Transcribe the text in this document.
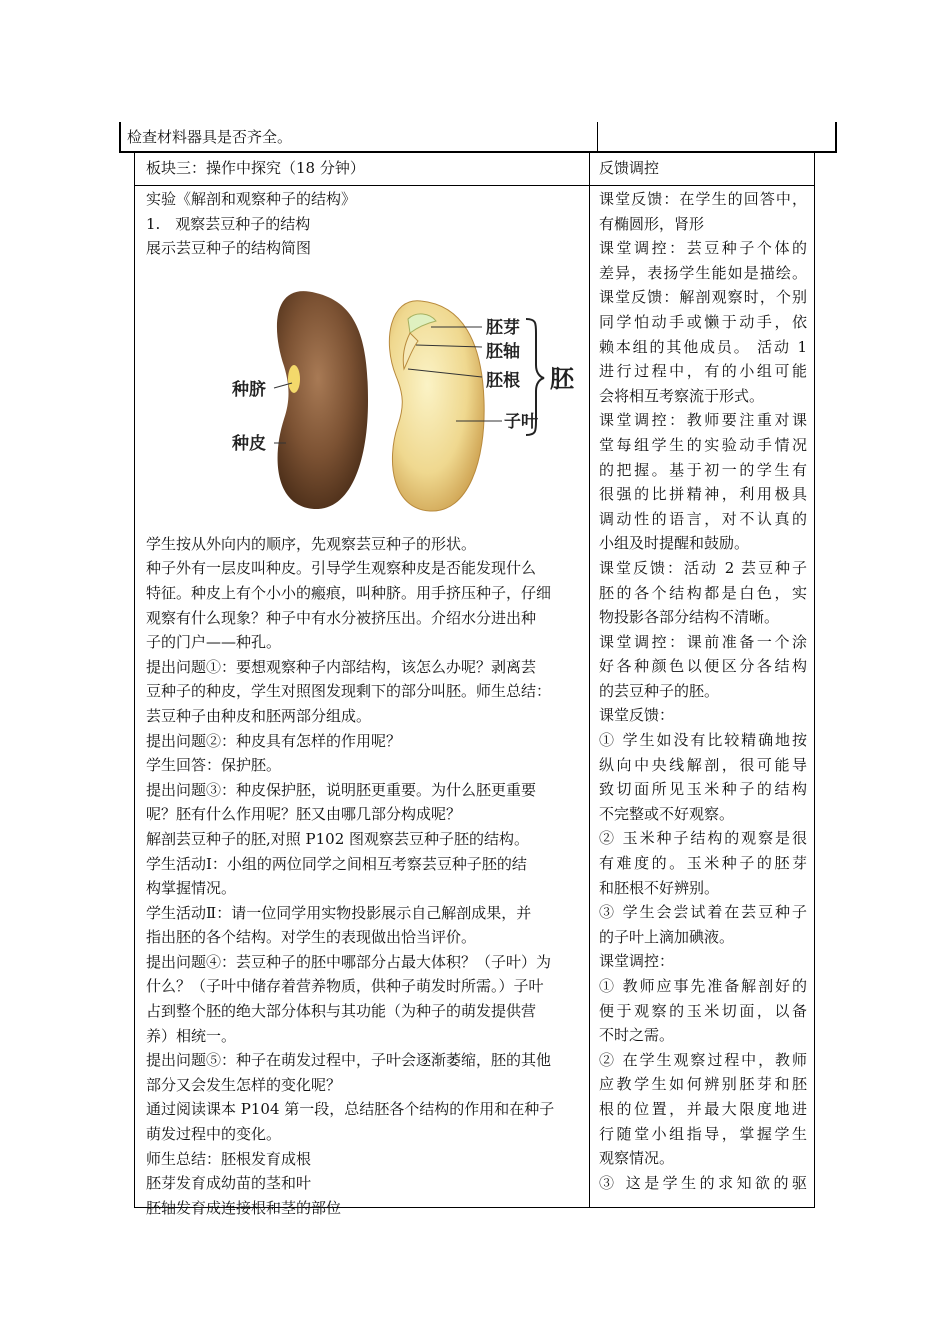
检查材料器具是否齐全。
板块三：操作中探究（18 分钟）	反馈调控
实验《解剖和观察种子的结构》
1.　观察芸豆种子的结构
展示芸豆种子的结构简图
胚芽
胚轴
胚根
子叶
胚
种脐
种皮
学生按从外向内的顺序，先观察芸豆种子的形状。
种子外有一层皮叫种皮。引导学生观察种皮是否能发现什么
特征。种皮上有个小小的瘢痕，叫种脐。用手挤压种子，仔细
观察有什么现象？种子中有水分被挤压出。介绍水分进出种
子的门户——种孔。
提出问题①：要想观察种子内部结构，该怎么办呢？剥离芸
豆种子的种皮，学生对照图发现剩下的部分叫胚。师生总结：
芸豆种子由种皮和胚两部分组成。
提出问题②：种皮具有怎样的作用呢？
学生回答：保护胚。
提出问题③：种皮保护胚，说明胚更重要。为什么胚更重要
呢？胚有什么作用呢？胚又由哪几部分构成呢？
解剖芸豆种子的胚,对照 P102 图观察芸豆种子胚的结构。
学生活动Ⅰ：小组的两位同学之间相互考察芸豆种子胚的结
构掌握情况。
学生活动Ⅱ：请一位同学用实物投影展示自己解剖成果，并
指出胚的各个结构。对学生的表现做出恰当评价。
提出问题④：芸豆种子的胚中哪部分占最大体积？（子叶）为
什么？（子叶中储存着营养物质，供种子萌发时所需。）子叶
占到整个胚的绝大部分体积与其功能（为种子的萌发提供营
养）相统一。
提出问题⑤：种子在萌发过程中，子叶会逐渐萎缩，胚的其他
部分又会发生怎样的变化呢？
通过阅读课本 P104 第一段，总结胚各个结构的作用和在种子
萌发过程中的变化。
师生总结：胚根发育成根
胚芽发育成幼苗的茎和叶
胚轴发育成连接根和茎的部位
课堂反馈：在学生的回答中，
有椭圆形，肾形
课堂调控：芸豆种子个体的
差异，表扬学生能如是描绘。
课堂反馈：解剖观察时，个别
同学怕动手或懒于动手，依
赖本组的其他成员。 活动 1
进行过程中，有的小组可能
会将相互考察流于形式。
课堂调控：教师要注重对课
堂每组学生的实验动手情况
的把握。基于初一的学生有
很强的比拼精神，利用极具
调动性的语言，对不认真的
小组及时提醒和鼓励。
课堂反馈：活动 2 芸豆种子
胚的各个结构都是白色，实
物投影各部分结构不清晰。
课堂调控：课前准备一个涂
好各种颜色以便区分各结构
的芸豆种子的胚。
课堂反馈：
① 学生如没有比较精确地按
纵向中央线解剖，很可能导
致切面所见玉米种子的结构
不完整或不好观察。
② 玉米种子结构的观察是很
有难度的。玉米种子的胚芽
和胚根不好辨别。
③ 学生会尝试着在芸豆种子
的子叶上滴加碘液。
课堂调控：
① 教师应事先准备解剖好的
便于观察的玉米切面，以备
不时之需。
② 在学生观察过程中，教师
应教学生如何辨别胚芽和胚
根的位置，并最大限度地进
行随堂小组指导，掌握学生
观察情况。
③ 这是学生的求知欲的驱
